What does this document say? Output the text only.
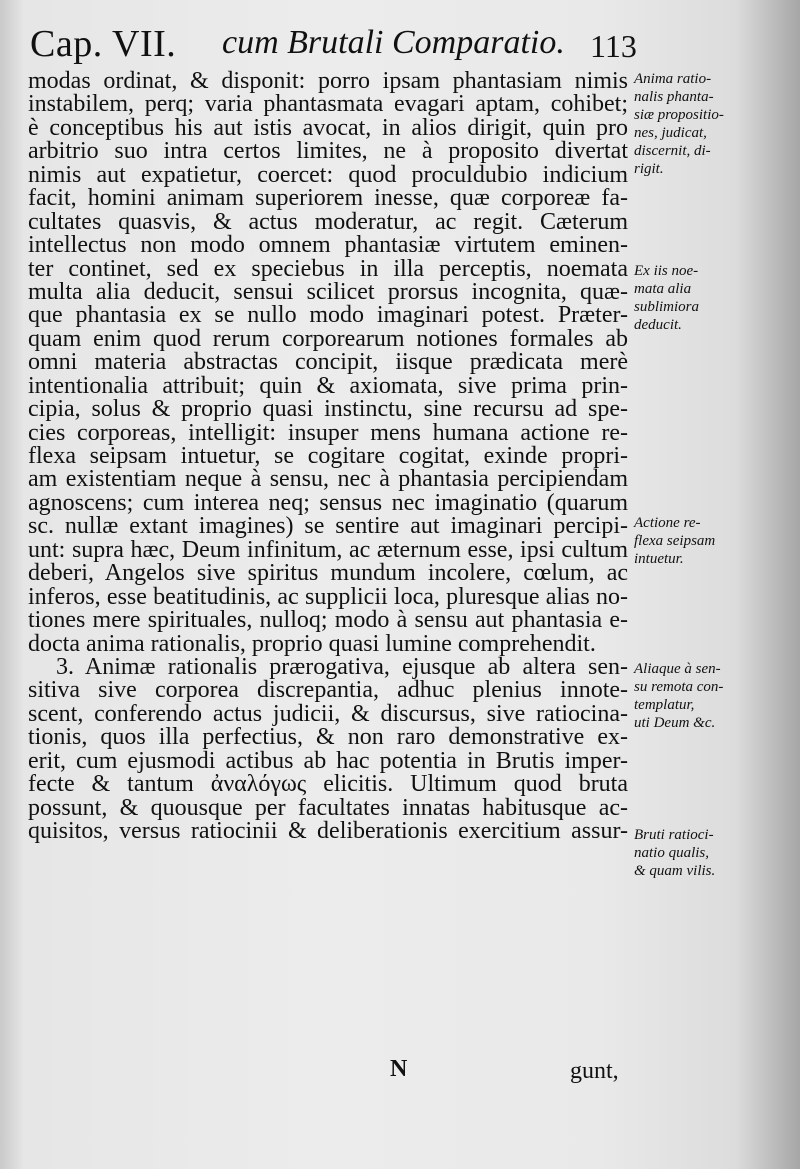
Cap. VII. cum Brutali Comparatio. 113
modas ordinat, & disponit: porro ipsam phantasiam nimis
instabilem, perq; varia phantasmata evagari aptam, cohibet;
è conceptibus his aut istis avocat, in alios dirigit, quin pro
arbitrio suo intra certos limites, ne à proposito divertat
nimis aut expatietur, coercet: quod proculdubio indicium
facit, homini animam superiorem inesse, quæ corporeæ fa-
cultates quasvis, & actus moderatur, ac regit. Cæterum
intellectus non modo omnem phantasiæ virtutem eminen-
ter continet, sed ex speciebus in illa perceptis, noemata
multa alia deducit, sensui scilicet prorsus incognita, quæ-
que phantasia ex se nullo modo imaginari potest. Præter-
quam enim quod rerum corporearum notiones formales ab
omni materia abstractas concipit, iisque prædicata merè
intentionalia attribuit; quin & axiomata, sive prima prin-
cipia, solus & proprio quasi instinctu, sine recursu ad spe-
cies corporeas, intelligit: insuper mens humana actione re-
flexa seipsam intuetur, se cogitare cogitat, exinde propri-
am existentiam neque à sensu, nec à phantasia percipiendam
agnoscens; cum interea neq; sensus nec imaginatio (quarum
sc. nullæ extant imagines) se sentire aut imaginari percipi-
unt: supra hæc, Deum infinitum, ac æternum esse, ipsi cultum
deberi, Angelos sive spiritus mundum incolere, cœlum, ac
inferos, esse beatitudinis, ac supplicii loca, pluresque alias no-
tiones mere spirituales, nulloq; modo à sensu aut phantasia e-
docta anima rationalis, proprio quasi lumine comprehendit.
3. Animæ rationalis prærogativa, ejusque ab altera sen-
sitiva sive corporea discrepantia, adhuc plenius innote-
scent, conferendo actus judicii, & discursus, sive ratiocina-
tionis, quos illa perfectius, & non raro demonstrative ex-
erit, cum ejusmodi actibus ab hac potentia in Brutis imper-
fecte & tantum ἀναλόγως elicitis. Ultimum quod bruta
possunt, & quousque per facultates innatas habitusque ac-
quisitos, versus ratiocinii & deliberationis exercitium assur-
Anima ratio-
nalis phanta-
siæ propositio-
nes, judicat,
discernit, di-
rigit.
Ex iis noe-
mata alia
sublimiora
deducit.
Actione re-
flexa seipsam
intuetur.
Aliaque à sen-
su remota con-
templatur,
uti Deum &c.
Bruti ratioci-
natio qualis,
& quam vilis.
N	gunt,
